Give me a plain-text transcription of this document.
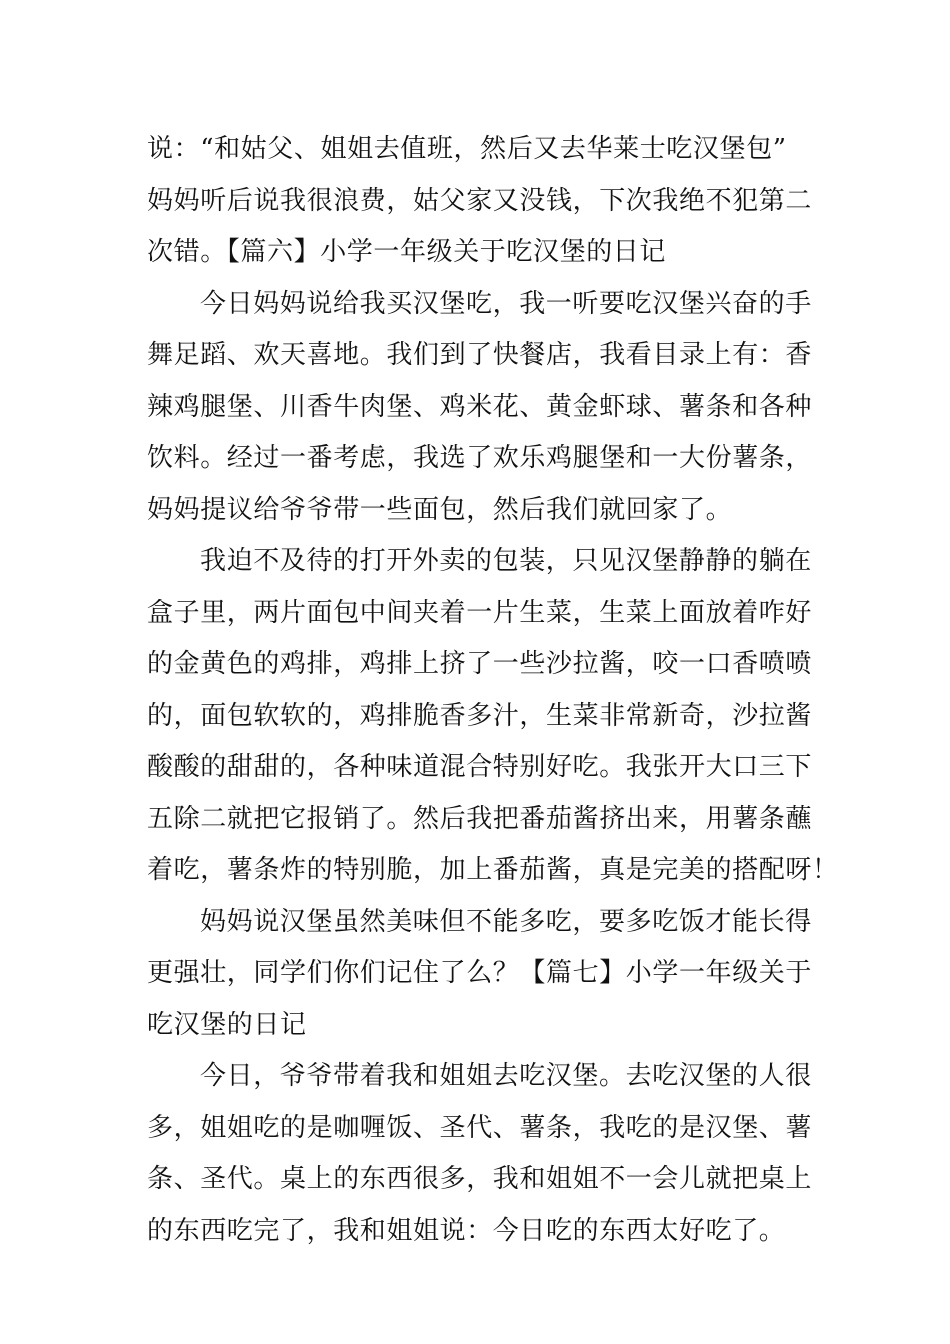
说：“和姑父、姐姐去值班，然后又去华莱士吃汉堡包”
妈妈听后说我很浪费，姑父家又没钱，下次我绝不犯第二
次错。【篇六】小学一年级关于吃汉堡的日记
今日妈妈说给我买汉堡吃，我一听要吃汉堡兴奋的手
舞足蹈、欢天喜地。我们到了快餐店，我看目录上有：香
辣鸡腿堡、川香牛肉堡、鸡米花、黄金虾球、薯条和各种
饮料。经过一番考虑，我选了欢乐鸡腿堡和一大份薯条，
妈妈提议给爷爷带一些面包，然后我们就回家了。
我迫不及待的打开外卖的包装，只见汉堡静静的躺在
盒子里，两片面包中间夹着一片生菜，生菜上面放着咋好
的金黄色的鸡排，鸡排上挤了一些沙拉酱，咬一口香喷喷
的，面包软软的，鸡排脆香多汁，生菜非常新奇，沙拉酱
酸酸的甜甜的，各种味道混合特别好吃。我张开大口三下
五除二就把它报销了。然后我把番茄酱挤出来，用薯条蘸
着吃，薯条炸的特别脆，加上番茄酱，真是完美的搭配呀！
妈妈说汉堡虽然美味但不能多吃，要多吃饭才能长得
更强壮，同学们你们记住了么？【篇七】小学一年级关于
吃汉堡的日记
今日，爷爷带着我和姐姐去吃汉堡。去吃汉堡的人很
多，姐姐吃的是咖喱饭、圣代、薯条，我吃的是汉堡、薯
条、圣代。桌上的东西很多，我和姐姐不一会儿就把桌上
的东西吃完了，我和姐姐说：今日吃的东西太好吃了。
